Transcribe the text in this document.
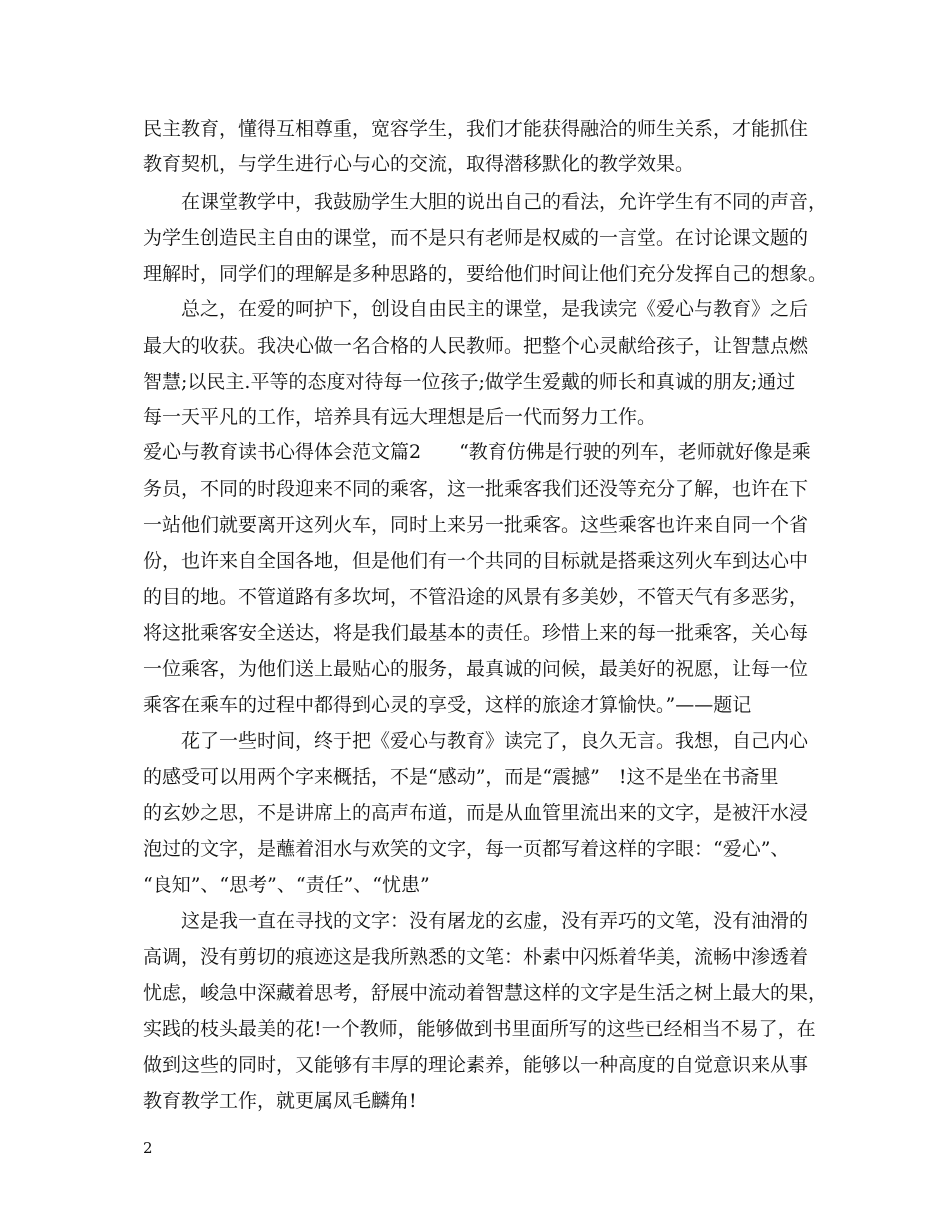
民主教育，懂得互相尊重，宽容学生，我们才能获得融洽的师生关系，才能抓住
教育契机，与学生进行心与心的交流，取得潜移默化的教学效果。
在课堂教学中，我鼓励学生大胆的说出自己的看法，允许学生有不同的声音，
为学生创造民主自由的课堂，而不是只有老师是权威的一言堂。在讨论课文题的
理解时，同学们的理解是多种思路的，要给他们时间让他们充分发挥自己的想象。
总之，在爱的呵护下，创设自由民主的课堂，是我读完《爱心与教育》之后
最大的收获。我决心做一名合格的人民教师。把整个心灵献给孩子，让智慧点燃
智慧;以民主.平等的态度对待每一位孩子;做学生爱戴的师长和真诚的朋友;通过
每一天平凡的工作，培养具有远大理想是后一代而努力工作。
爱心与教育读书心得体会范文篇2　　“教育仿佛是行驶的列车，老师就好像是乘
务员，不同的时段迎来不同的乘客，这一批乘客我们还没等充分了解，也许在下
一站他们就要离开这列火车，同时上来另一批乘客。这些乘客也许来自同一个省
份，也许来自全国各地，但是他们有一个共同的目标就是搭乘这列火车到达心中
的目的地。不管道路有多坎坷，不管沿途的风景有多美妙，不管天气有多恶劣，
将这批乘客安全送达，将是我们最基本的责任。珍惜上来的每一批乘客，关心每
一位乘客，为他们送上最贴心的服务，最真诚的问候，最美好的祝愿，让每一位
乘客在乘车的过程中都得到心灵的享受，这样的旅途才算愉快。”——题记
花了一些时间，终于把《爱心与教育》读完了，良久无言。我想，自己内心
的感受可以用两个字来概括，不是“感动”，而是“震撼”　!这不是坐在书斋里
的玄妙之思，不是讲席上的高声布道，而是从血管里流出来的文字，是被汗水浸
泡过的文字，是蘸着泪水与欢笑的文字，每一页都写着这样的字眼：“爱心”、
“良知”、“思考”、“责任”、“忧患”
这是我一直在寻找的文字：没有屠龙的玄虚，没有弄巧的文笔，没有油滑的
高调，没有剪切的痕迹这是我所熟悉的文笔：朴素中闪烁着华美，流畅中渗透着
忧虑，峻急中深藏着思考，舒展中流动着智慧这样的文字是生活之树上最大的果，
实践的枝头最美的花!一个教师，能够做到书里面所写的这些已经相当不易了，在
做到这些的同时，又能够有丰厚的理论素养，能够以一种高度的自觉意识来从事
教育教学工作，就更属凤毛麟角!
2
